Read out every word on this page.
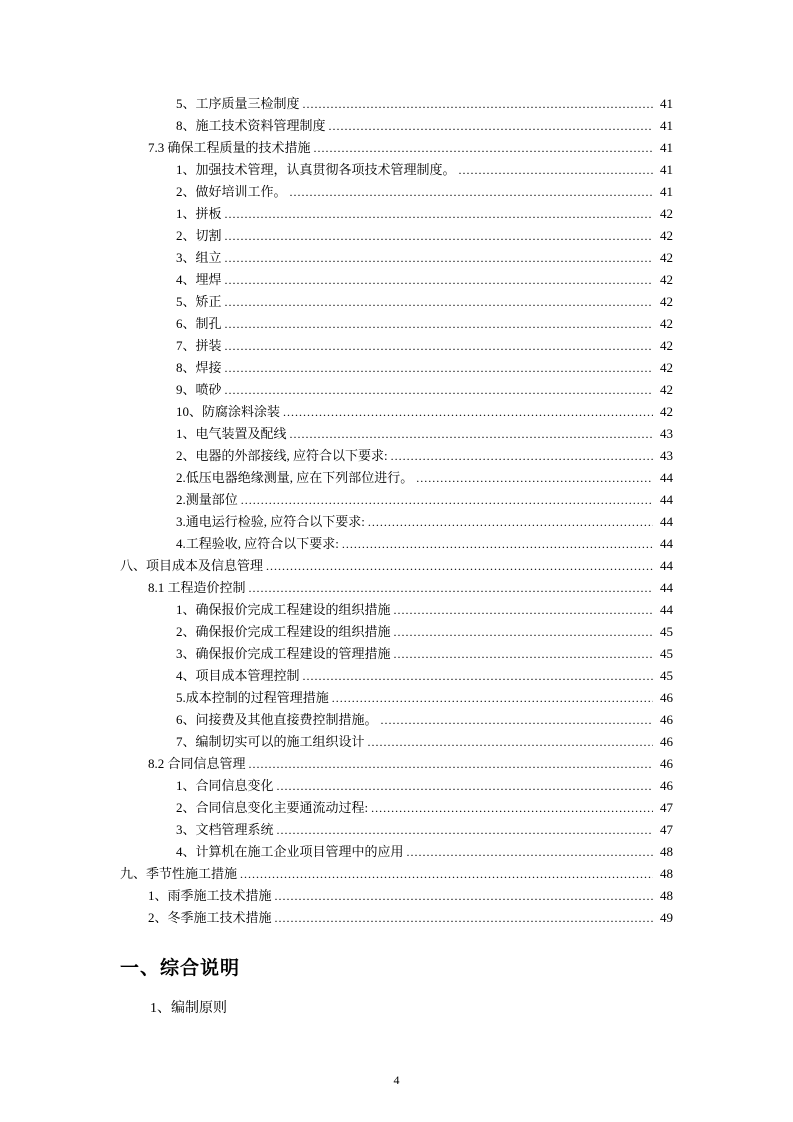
5、工序质量三检制度 .....	41
8、施工技术资料管理制度 .....	41
7.3 确保工程质量的技术措施 .....	41
1、加强技术管理，认真贯彻各项技术管理制度。 .....	41
2、做好培训工作。 .....	41
1、拼板 .....	42
2、切割 .....	42
3、组立 .....	42
4、埋焊 .....	42
5、矫正 .....	42
6、制孔 .....	42
7、拼装 .....	42
8、焊接 .....	42
9、喷砂 .....	42
10、防腐涂料涂装 .....	42
1、电气装置及配线 .....	43
2、电器的外部接线, 应符合以下要求: .....	43
2.低压电器绝缘测量, 应在下列部位进行。 .....	44
2.测量部位 .....	44
3.通电运行检验, 应符合以下要求: .....	44
4.工程验收, 应符合以下要求: .....	44
八、项目成本及信息管理 .....	44
8.1 工程造价控制 .....	44
1、确保报价完成工程建设的组织措施 .....	44
2、确保报价完成工程建设的组织措施 .....	45
3、确保报价完成工程建设的管理措施 .....	45
4、项目成本管理控制 .....	45
5.成本控制的过程管理措施 .....	46
6、问接费及其他直接费控制措施。 .....	46
7、编制切实可以的施工组织设计 .....	46
8.2 合同信息管理 .....	46
1、合同信息变化 .....	46
2、合同信息变化主要通流动过程: .....	47
3、文档管理系统 .....	47
4、计算机在施工企业项目管理中的应用 .....	48
九、季节性施工措施 .....	48
1、雨季施工技术措施 .....	48
2、冬季施工技术措施 .....	49
一、综合说明
1、编制原则
4
